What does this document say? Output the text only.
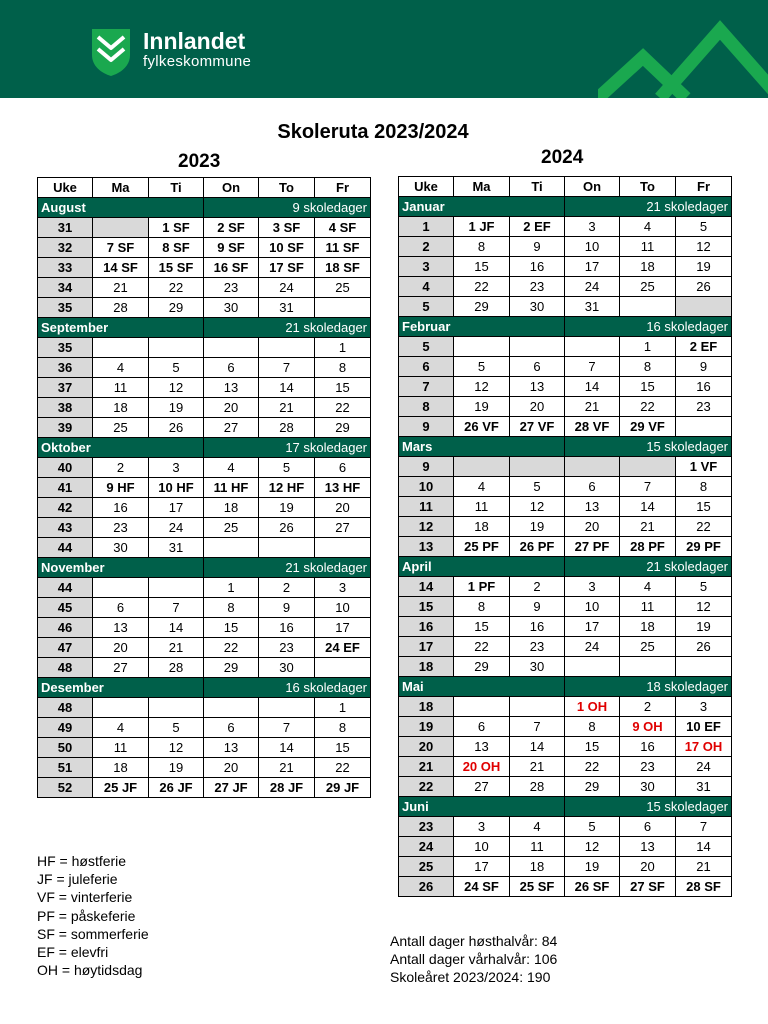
Innlandet
fylkeskommune
Skoleruta 2023/2024
2023	2024
Uke	Ma	Ti	On	To	Fr
August			9 skoledager		
31		1 SF	2 SF	3 SF	4 SF
32	7 SF	8 SF	9 SF	10 SF	11 SF
33	14 SF	15 SF	16 SF	17 SF	18 SF
34	21	22	23	24	25
35	28	29	30	31	
September			21 skoledager		
35					1
36	4	5	6	7	8
37	11	12	13	14	15
38	18	19	20	21	22
39	25	26	27	28	29
Oktober			17 skoledager		
40	2	3	4	5	6
41	9 HF	10 HF	11 HF	12 HF	13 HF
42	16	17	18	19	20
43	23	24	25	26	27
44	30	31			
November			21 skoledager		
44			1	2	3
45	6	7	8	9	10
46	13	14	15	16	17
47	20	21	22	23	24 EF
48	27	28	29	30	
Desember			16 skoledager		
48					1
49	4	5	6	7	8
50	11	12	13	14	15
51	18	19	20	21	22
52	25 JF	26 JF	27 JF	28 JF	29 JF
Uke	Ma	Ti	On	To	Fr
Januar			21 skoledager		
1	1 JF	2 EF	3	4	5
2	8	9	10	11	12
3	15	16	17	18	19
4	22	23	24	25	26
5	29	30	31		
Februar			16 skoledager		
5				1	2 EF
6	5	6	7	8	9
7	12	13	14	15	16
8	19	20	21	22	23
9	26 VF	27 VF	28 VF	29 VF	
Mars			15 skoledager		
9					1 VF
10	4	5	6	7	8
11	11	12	13	14	15
12	18	19	20	21	22
13	25 PF	26 PF	27 PF	28 PF	29 PF
April			21 skoledager		
14	1 PF	2	3	4	5
15	8	9	10	11	12
16	15	16	17	18	19
17	22	23	24	25	26
18	29	30			
Mai			18 skoledager		
18			1 OH	2	3
19	6	7	8	9 OH	10 EF
20	13	14	15	16	17 OH
21	20 OH	21	22	23	24
22	27	28	29	30	31
Juni			15 skoledager		
23	3	4	5	6	7
24	10	11	12	13	14
25	17	18	19	20	21
26	24 SF	25 SF	26 SF	27 SF	28 SF
HF = høstferie
JF = juleferie
VF = vinterferie
PF = påskeferie
SF = sommerferie
EF = elevfri
OH = høytidsdag
Antall dager høsthalvår: 84
Antall dager vårhalvår: 106
Skoleåret 2023/2024: 190
